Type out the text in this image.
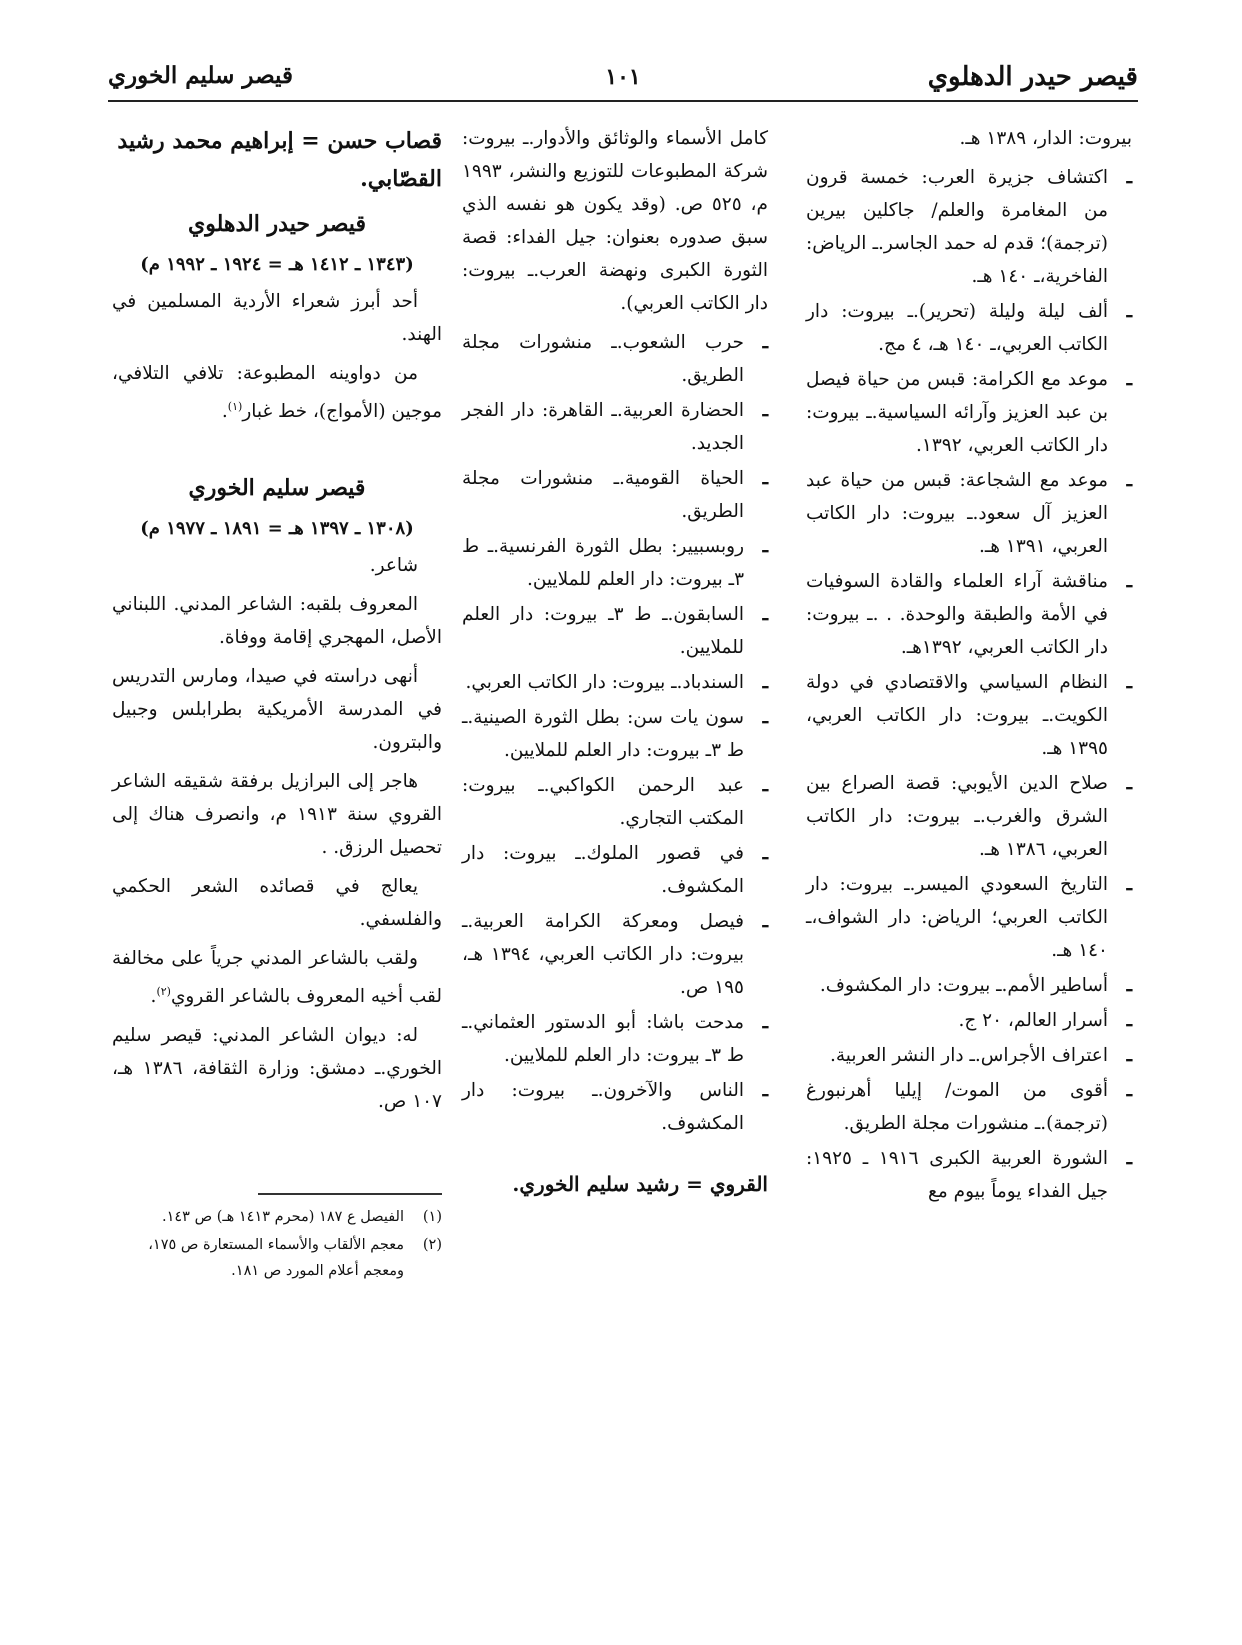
قيصر حيدر الدهلوي
١٠١
قيصر سليم الخوري
بيروت: الدار، ١٣٨٩ هـ.
ـ
اكتشاف جزيرة العرب: خمسة قرون من المغامرة والعلم/ جاكلين بيرين (ترجمة)؛ قدم له حمد الجاسر.ـ الرياض: الفاخرية،ـ ١٤٠ هـ.
ـ
ألف ليلة وليلة (تحرير).ـ بيروت: دار الكاتب العربي،ـ ١٤٠ هـ، ٤ مج.
ـ
موعد مع الكرامة: قبس من حياة فيصل بن عبد العزيز وآرائه السياسية.ـ بيروت: دار الكاتب العربي، ١٣٩٢.
ـ
موعد مع الشجاعة: قبس من حياة عبد العزيز آل سعود.ـ بيروت: دار الكاتب العربي، ١٣٩١ هـ.
ـ
مناقشة آراء العلماء والقادة السوفيات في الأمة والطبقة والوحدة. . .ـ بيروت: دار الكاتب العربي، ١٣٩٢هـ.
ـ
النظام السياسي والاقتصادي في دولة الكويت.ـ بيروت: دار الكاتب العربي، ١٣٩٥ هـ.
ـ
صلاح الدين الأيوبي: قصة الصراع بين الشرق والغرب.ـ بيروت: دار الكاتب العربي، ١٣٨٦ هـ.
ـ
التاريخ السعودي الميسر.ـ بيروت: دار الكاتب العربي؛ الرياض: دار الشواف،ـ ١٤٠ هـ.
ـ
أساطير الأمم.ـ بيروت: دار المكشوف.
ـ
أسرار العالم، ٢٠ ج.
ـ
اعتراف الأجراس.ـ دار النشر العربية.
ـ
أقوى من الموت/ إيليا أهرنبورغ (ترجمة).ـ منشورات مجلة الطريق.
ـ
الشورة العربية الكبرى ١٩١٦ ـ ١٩٢٥: جيل الفداء يوماً بيوم مع
كامل الأسماء والوثائق والأدوار.ـ بيروت: شركة المطبوعات للتوزيع والنشر، ١٩٩٣ م، ٥٢٥ ص. (وقد يكون هو نفسه الذي سبق صدوره بعنوان: جيل الفداء: قصة الثورة الكبرى ونهضة العرب.ـ بيروت: دار الكاتب العربي).
ـ
حرب الشعوب.ـ منشورات مجلة الطريق.
ـ
الحضارة العربية.ـ القاهرة: دار الفجر الجديد.
ـ
الحياة القومية.ـ منشورات مجلة الطريق.
ـ
روبسبيير: بطل الثورة الفرنسية.ـ ط ٣ـ بيروت: دار العلم للملايين.
ـ
السابقون.ـ ط ٣ـ بيروت: دار العلم للملايين.
ـ
السندباد.ـ بيروت: دار الكاتب العربي.
ـ
سون يات سن: بطل الثورة الصينية.ـ ط ٣ـ بيروت: دار العلم للملايين.
ـ
عبد الرحمن الكواكبي.ـ بيروت: المكتب التجاري.
ـ
في قصور الملوك.ـ بيروت: دار المكشوف.
ـ
فيصل ومعركة الكرامة العربية.ـ بيروت: دار الكاتب العربي، ١٣٩٤ هـ، ١٩٥ ص.
ـ
مدحت باشا: أبو الدستور العثماني.ـ ط ٣ـ بيروت: دار العلم للملايين.
ـ
الناس والآخرون.ـ بيروت: دار المكشوف.
القروي = رشيد سليم الخوري.
قصاب حسن = إبراهيم محمد رشيد القصّابي.
قيصر حيدر الدهلوي
(١٣٤٣ ـ ١٤١٢ هـ = ١٩٢٤ ـ ١٩٩٢ م)
أحد أبرز شعراء الأردية المسلمين في الهند.
من دواوينه المطبوعة: تلافي التلافي، موجين (الأمواج)، خط غبار$^{(١)}$.
قيصر سليم الخوري
(١٣٠٨ ـ ١٣٩٧ هـ = ١٨٩١ ـ ١٩٧٧ م)
شاعر.
المعروف بلقبه: الشاعر المدني. اللبناني الأصل، المهجري إقامة ووفاة.
أنهى دراسته في صيدا، ومارس التدريس في المدرسة الأمريكية بطرابلس وجبيل والبترون.
هاجر إلى البرازيل برفقة شقيقه الشاعر القروي سنة ١٩١٣ م، وانصرف هناك إلى تحصيل الرزق. .
يعالج في قصائده الشعر الحكمي والفلسفي.
ولقب بالشاعر المدني جرياً على مخالفة لقب أخيه المعروف بالشاعر القروي$^{(٢)}$.
له: ديوان الشاعر المدني: قيصر سليم الخوري.ـ دمشق: وزارة الثقافة، ١٣٨٦ هـ، ١٠٧ ص.
(١)
الفيصل ع ١٨٧ (محرم ١٤١٣ هـ) ص ١٤٣.
(٢)
معجم الألقاب والأسماء المستعارة ص ١٧٥، ومعجم أعلام المورد ص ١٨١.
